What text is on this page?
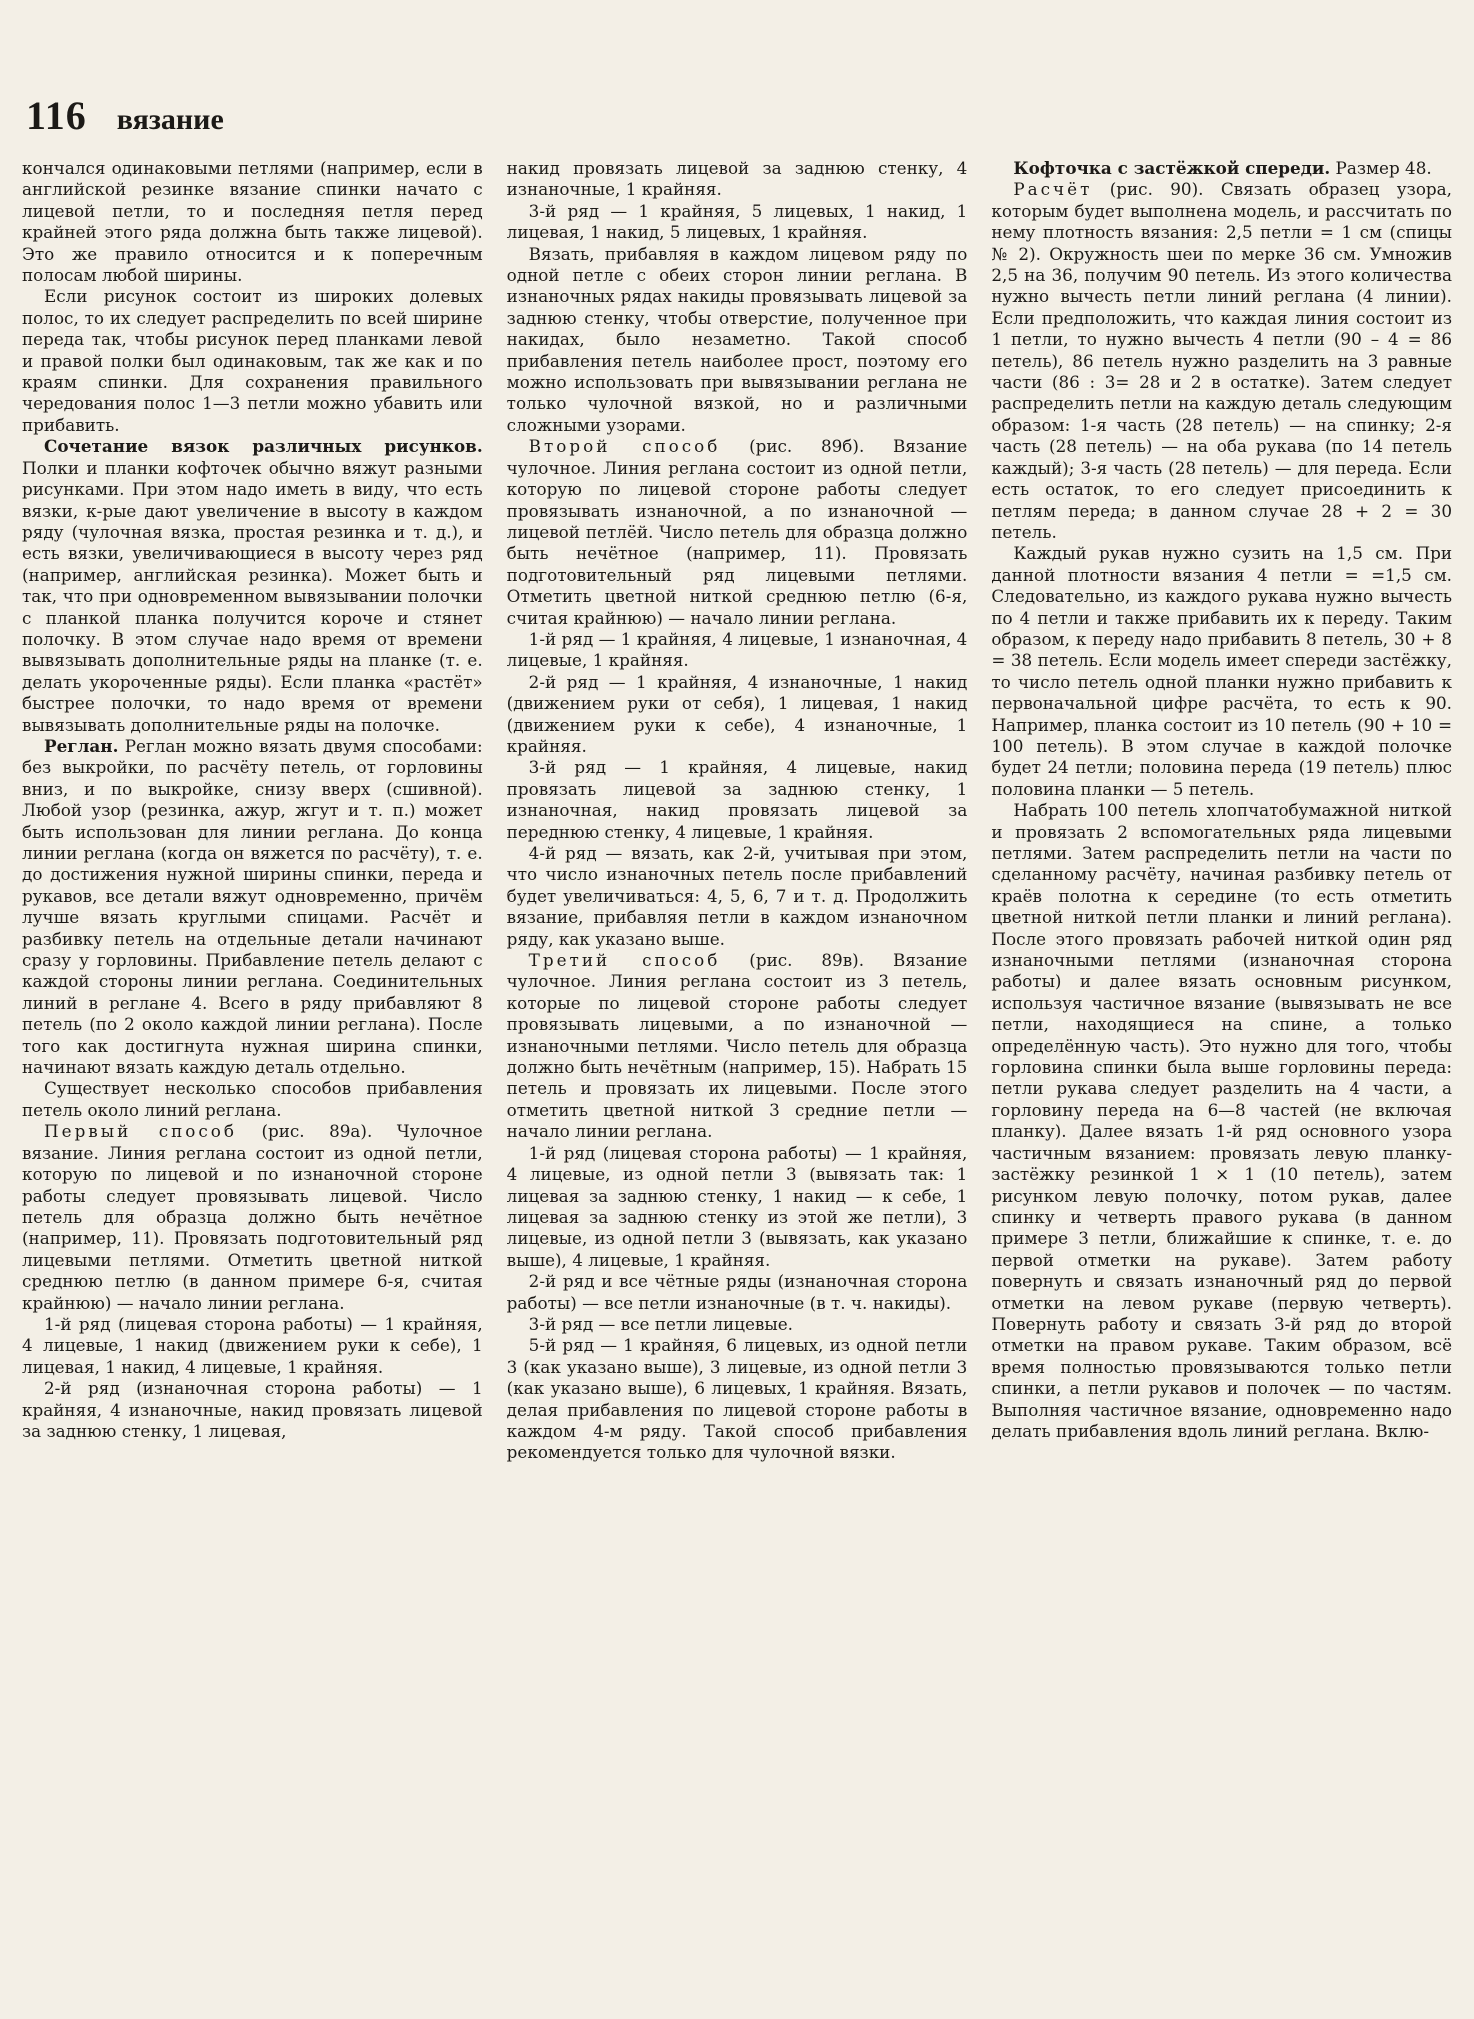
116 вязание

кончался одинаковыми петлями (например, если в английской резинке вязание спинки начато с лицевой петли, то и последняя петля перед крайней этого ряда должна быть также лицевой). Это же правило относится и к поперечным полосам любой ширины.

Если рисунок состоит из широких долевых полос, то их следует распределить по всей ширине переда так, чтобы рисунок перед планками левой и правой полки был одинаковым, так же как и по краям спинки. Для сохранения правильного чередования полос 1—3 петли можно убавить или прибавить.

Сочетание вязок различных рисунков. Полки и планки кофточек обычно вяжут разными рисунками. При этом надо иметь в виду, что есть вязки, к-рые дают увеличение в высоту в каждом ряду (чулочная вязка, простая резинка и т. д.), и есть вязки, увеличивающиеся в высоту через ряд (например, английская резинка). Может быть и так, что при одновременном вывязывании полочки с планкой планка получится короче и стянет полочку. В этом случае надо время от времени вывязывать дополнительные ряды на планке (т. е. делать укороченные ряды). Если планка «растёт» быстрее полочки, то надо время от времени вывязывать дополнительные ряды на полочке.

Реглан. Реглан можно вязать двумя способами: без выкройки, по расчёту петель, от горловины вниз, и по выкройке, снизу вверх (сшивной). Любой узор (резинка, ажур, жгут и т. п.) может быть использован для линии реглана. До конца линии реглана (когда он вяжется по расчёту), т. е. до достижения нужной ширины спинки, переда и рукавов, все детали вяжут одновременно, причём лучше вязать круглыми спицами. Расчёт и разбивку петель на отдельные детали начинают сразу у горловины. Прибавление петель делают с каждой стороны линии реглана. Соединительных линий в реглане 4. Всего в ряду прибавляют 8 петель (по 2 около каждой линии реглана). После того как достигнута нужная ширина спинки, начинают вязать каждую деталь отдельно.

Существует несколько способов прибавления петель около линий реглана.

Первый способ (рис. 89а). Чулочное вязание. Линия реглана состоит из одной петли, которую по лицевой и по изнаночной стороне работы следует провязывать лицевой. Число петель для образца должно быть нечётное (например, 11). Провязать подготовительный ряд лицевыми петлями. Отметить цветной ниткой среднюю петлю (в данном примере 6-я, считая крайнюю) — начало линии реглана.

1-й ряд (лицевая сторона работы) — 1 крайняя, 4 лицевые, 1 накид (движением руки к себе), 1 лицевая, 1 накид, 4 лицевые, 1 крайняя.

2-й ряд (изнаночная сторона работы) — 1 крайняя, 4 изнаночные, накид провязать лицевой за заднюю стенку, 1 лицевая,

накид провязать лицевой за заднюю стенку, 4 изнаночные, 1 крайняя.

3-й ряд — 1 крайняя, 5 лицевых, 1 накид, 1 лицевая, 1 накид, 5 лицевых, 1 крайняя.

Вязать, прибавляя в каждом лицевом ряду по одной петле с обеих сторон линии реглана. В изнаночных рядах накиды провязывать лицевой за заднюю стенку, чтобы отверстие, полученное при накидах, было незаметно. Такой способ прибавления петель наиболее прост, поэтому его можно использовать при вывязывании реглана не только чулочной вязкой, но и различными сложными узорами.

Второй способ (рис. 89б). Вязание чулочное. Линия реглана состоит из одной петли, которую по лицевой стороне работы следует провязывать изнаночной, а по изнаночной — лицевой петлёй. Число петель для образца должно быть нечётное (например, 11). Провязать подготовительный ряд лицевыми петлями. Отметить цветной ниткой среднюю петлю (6-я, считая крайнюю) — начало линии реглана.

1-й ряд — 1 крайняя, 4 лицевые, 1 изнаночная, 4 лицевые, 1 крайняя.

2-й ряд — 1 крайняя, 4 изнаночные, 1 накид (движением руки от себя), 1 лицевая, 1 накид (движением руки к себе), 4 изнаночные, 1 крайняя.

3-й ряд — 1 крайняя, 4 лицевые, накид провязать лицевой за заднюю стенку, 1 изнаночная, накид провязать лицевой за переднюю стенку, 4 лицевые, 1 крайняя.

4-й ряд — вязать, как 2-й, учитывая при этом, что число изнаночных петель после прибавлений будет увеличиваться: 4, 5, 6, 7 и т. д. Продолжить вязание, прибавляя петли в каждом изнаночном ряду, как указано выше.

Третий способ (рис. 89в). Вязание чулочное. Линия реглана состоит из 3 петель, которые по лицевой стороне работы следует провязывать лицевыми, а по изнаночной — изнаночными петлями. Число петель для образца должно быть нечётным (например, 15). Набрать 15 петель и провязать их лицевыми. После этого отметить цветной ниткой 3 средние петли — начало линии реглана.

1-й ряд (лицевая сторона работы) — 1 крайняя, 4 лицевые, из одной петли 3 (вывязать так: 1 лицевая за заднюю стенку, 1 накид — к себе, 1 лицевая за заднюю стенку из этой же петли), 3 лицевые, из одной петли 3 (вывязать, как указано выше), 4 лицевые, 1 крайняя.

2-й ряд и все чётные ряды (изнаночная сторона работы) — все петли изнаночные (в т. ч. накиды).

3-й ряд — все петли лицевые.

5-й ряд — 1 крайняя, 6 лицевых, из одной петли 3 (как указано выше), 3 лицевые, из одной петли 3 (как указано выше), 6 лицевых, 1 крайняя. Вязать, делая прибавления по лицевой стороне работы в каждом 4-м ряду. Такой способ прибавления рекомендуется только для чулочной вязки.

Кофточка с застёжкой спереди. Размер 48.

Расчёт (рис. 90). Связать образец узора, которым будет выполнена модель, и рассчитать по нему плотность вязания: 2,5 петли = 1 см (спицы № 2). Окружность шеи по мерке 36 см. Умножив 2,5 на 36, получим 90 петель. Из этого количества нужно вычесть петли линий реглана (4 линии). Если предположить, что каждая линия состоит из 1 петли, то нужно вычесть 4 петли (90 – 4 = 86 петель), 86 петель нужно разделить на 3 равные части (86 : 3= 28 и 2 в остатке). Затем следует распределить петли на каждую деталь следующим образом: 1-я часть (28 петель) — на спинку; 2-я часть (28 петель) — на оба рукава (по 14 петель каждый); 3-я часть (28 петель) — для переда. Если есть остаток, то его следует присоединить к петлям переда; в данном случае 28 + 2 = 30 петель.

Каждый рукав нужно сузить на 1,5 см. При данной плотности вязания 4 петли = =1,5 см. Следовательно, из каждого рукава нужно вычесть по 4 петли и также прибавить их к переду. Таким образом, к переду надо прибавить 8 петель, 30 + 8 = 38 петель. Если модель имеет спереди застёжку, то число петель одной планки нужно прибавить к первоначальной цифре расчёта, то есть к 90. Например, планка состоит из 10 петель (90 + 10 = 100 петель). В этом случае в каждой полочке будет 24 петли; половина переда (19 петель) плюс половина планки — 5 петель.

Набрать 100 петель хлопчатобумажной ниткой и провязать 2 вспомогательных ряда лицевыми петлями. Затем распределить петли на части по сделанному расчёту, начиная разбивку петель от краёв полотна к середине (то есть отметить цветной ниткой петли планки и линий реглана). После этого провязать рабочей ниткой один ряд изнаночными петлями (изнаночная сторона работы) и далее вязать основным рисунком, используя частичное вязание (вывязывать не все петли, находящиеся на спине, а только определённую часть). Это нужно для того, чтобы горловина спинки была выше горловины переда: петли рукава следует разделить на 4 части, а горловину переда на 6—8 частей (не включая планку). Далее вязать 1-й ряд основного узора частичным вязанием: провязать левую планку-застёжку резинкой 1 × 1 (10 петель), затем рисунком левую полочку, потом рукав, далее спинку и четверть правого рукава (в данном примере 3 петли, ближайшие к спинке, т. е. до первой отметки на рукаве). Затем работу повернуть и связать изнаночный ряд до первой отметки на левом рукаве (первую четверть). Повернуть работу и связать 3-й ряд до второй отметки на правом рукаве. Таким образом, всё время полностью провязываются только петли спинки, а петли рукавов и полочек — по частям. Выполняя частичное вязание, одновременно надо делать прибавления вдоль линий реглана. Вклю-
